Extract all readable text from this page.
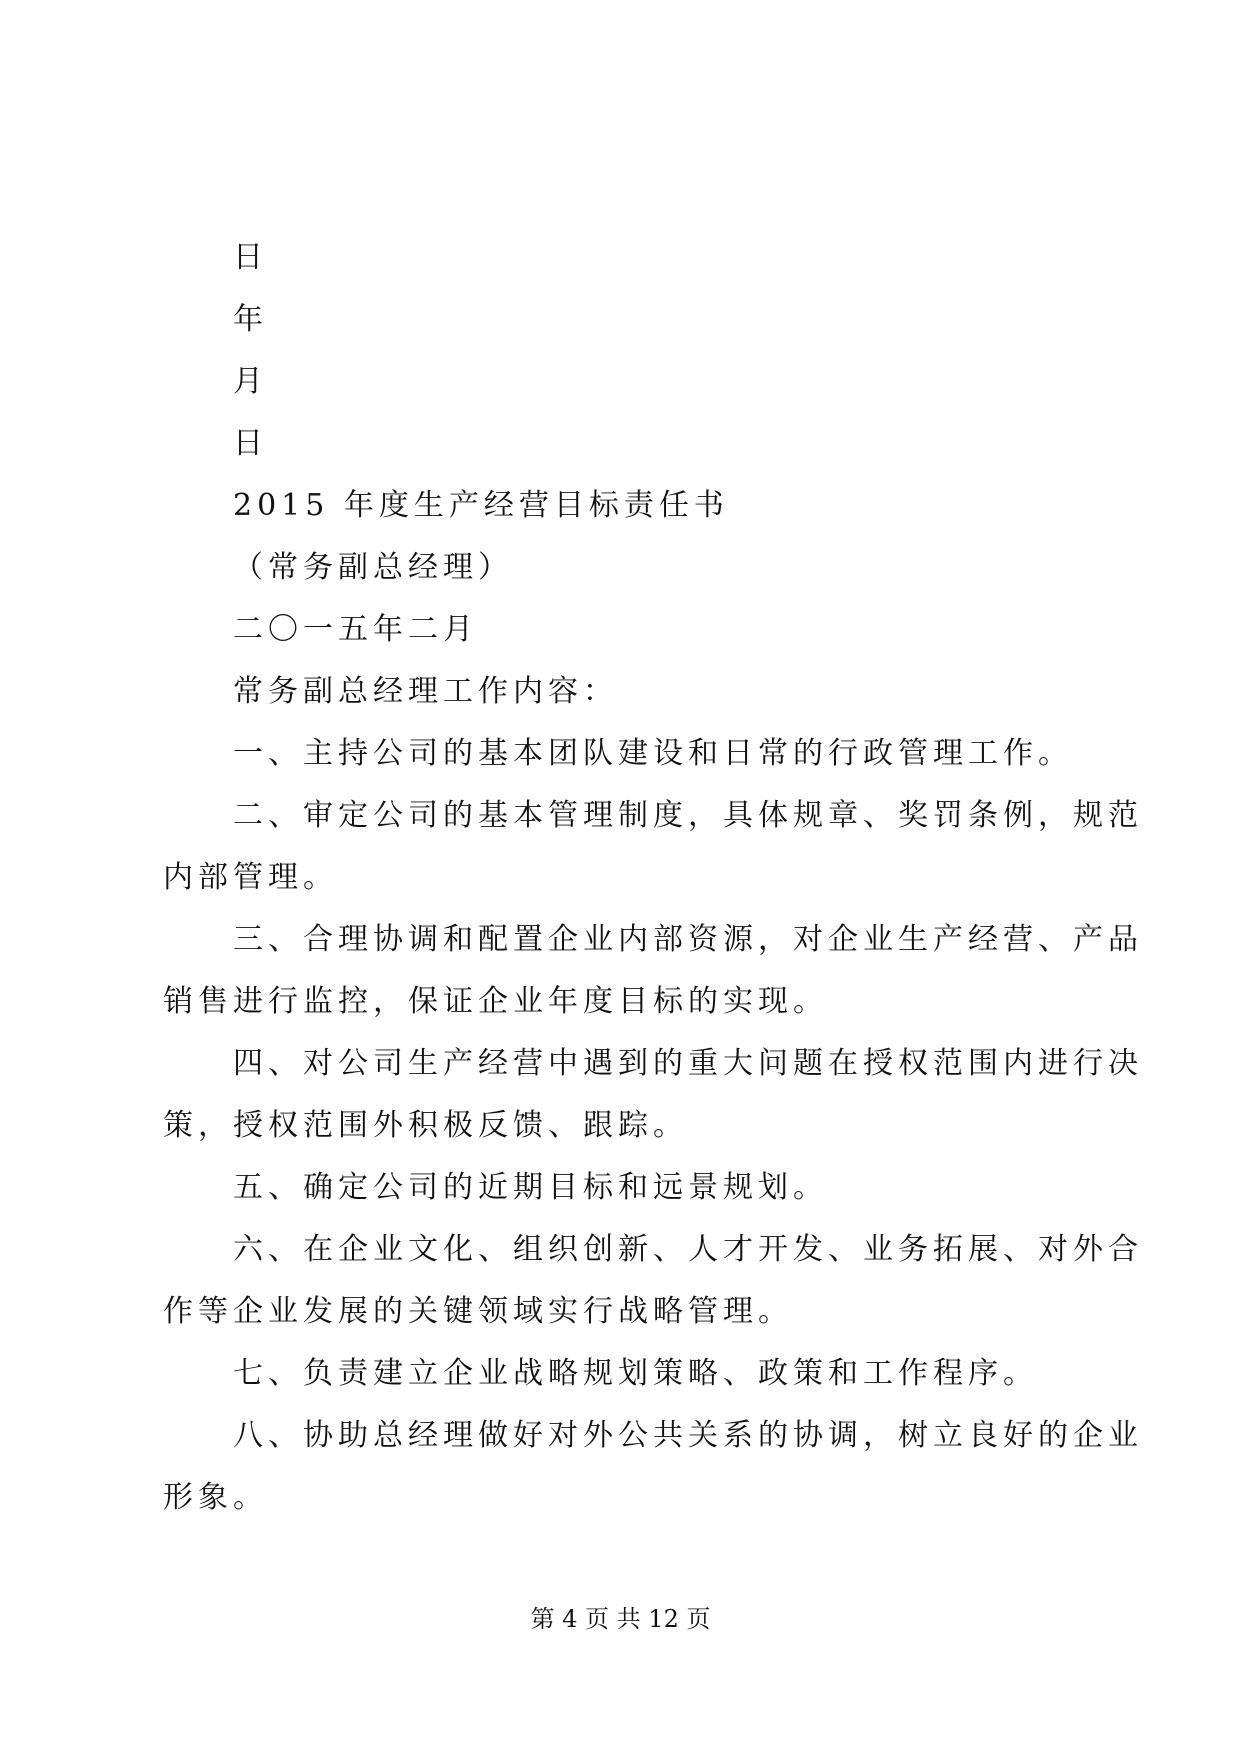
日
年
月
日
2015 年度生产经营目标责任书
（常务副总经理）
二〇一五年二月
常务副总经理工作内容：
一、主持公司的基本团队建设和日常的行政管理工作。
二、审定公司的基本管理制度，具体规章、奖罚条例，规范
内部管理。
三、合理协调和配置企业内部资源，对企业生产经营、产品
销售进行监控，保证企业年度目标的实现。
四、对公司生产经营中遇到的重大问题在授权范围内进行决
策，授权范围外积极反馈、跟踪。
五、确定公司的近期目标和远景规划。
六、在企业文化、组织创新、人才开发、业务拓展、对外合
作等企业发展的关键领域实行战略管理。
七、负责建立企业战略规划策略、政策和工作程序。
八、协助总经理做好对外公共关系的协调，树立良好的企业
形象。
第 4 页 共 12 页
